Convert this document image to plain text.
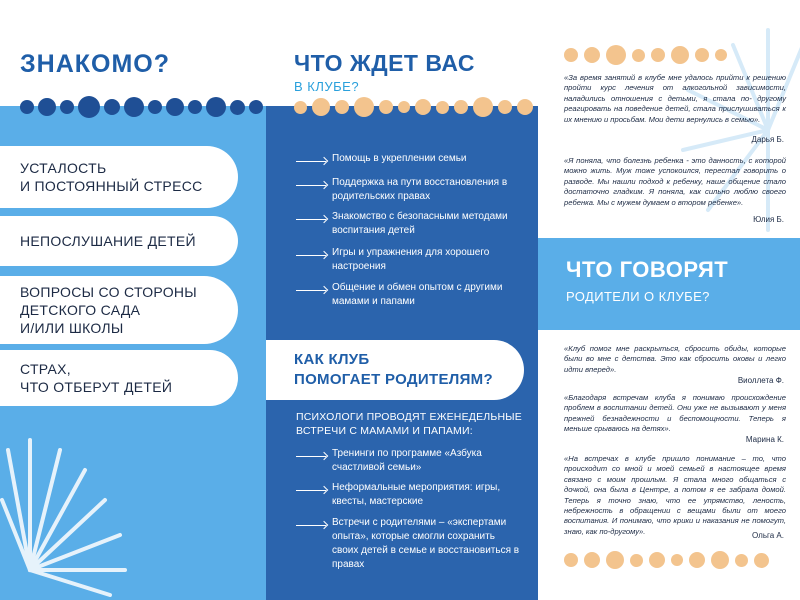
ЗНАКОМО?
УСТАЛОСТЬ
И ПОСТОЯННЫЙ СТРЕСС
НЕПОСЛУШАНИЕ ДЕТЕЙ
ВОПРОСЫ СО СТОРОНЫ
ДЕТСКОГО САДА
И/ИЛИ ШКОЛЫ
СТРАХ,
ЧТО ОТБЕРУТ ДЕТЕЙ
ЧТО ЖДЕТ ВАС
В КЛУБЕ?
Помощь в укреплении семьи
Поддержка на пути восстановления в родительских правах
Знакомство с безопасными методами воспитания детей
Игры и упражнения для хорошего настроения
Общение и обмен опытом с другими мамами и папами
КАК КЛУБ
ПОМОГАЕТ РОДИТЕЛЯМ?
ПСИХОЛОГИ ПРОВОДЯТ ЕЖЕНЕДЕЛЬНЫЕ
ВСТРЕЧИ С МАМАМИ И ПАПАМИ:
Тренинги по программе «Азбука счастливой семьи»
Неформальные мероприятия: игры, квесты, мастерские
Встречи с родителями – «экспертами опыта», которые смогли сохранить своих детей в семье и восстановиться в правах
«За время занятий в клубе мне удалось прийти к решению пройти курс лечения от алкогольной зависимости, наладились отношения с детьми, я стала по- другому реагировать на поведение детей, стала прислушиваться к их мнению и просьбам. Мои дети вернулись в семью».
Дарья Б.
«Я поняла, что болезнь ребенка - это данность, с которой можно жить. Муж тоже успокоился, перестал говорить о разводе. Мы нашли подход к ребенку, наше общение стало достаточно гладким. Я поняла, как сильно люблю своего ребенка. Мы с мужем думаем о втором ребенке».
Юлия Б.
ЧТО ГОВОРЯТ
РОДИТЕЛИ О КЛУБЕ?
«Клуб помог мне раскрыться, сбросить обиды, которые были во мне с детства. Это как сбросить оковы и легко идти вперед».
Виоллета Ф.
«Благодаря встречам клуба я понимаю происхождение проблем в воспитании детей. Они уже не вызывают у меня прежней безнадежности и беспомощности. Теперь я меньше срываюсь на детях».
Марина К.
«На встречах в клубе пришло понимание – то, что происходит со мной и моей семьей в настоящее время связано с моим прошлым. Я стала много общаться с дочкой, она была в Центре, а потом я ее забрала домой. Теперь я точно знаю, что ее упрямство, леность, небрежность в обращении с вещами были от моего воспитания. И понимаю, что крики и наказания не помогут, знаю, как по-другому».	Ольга А.
